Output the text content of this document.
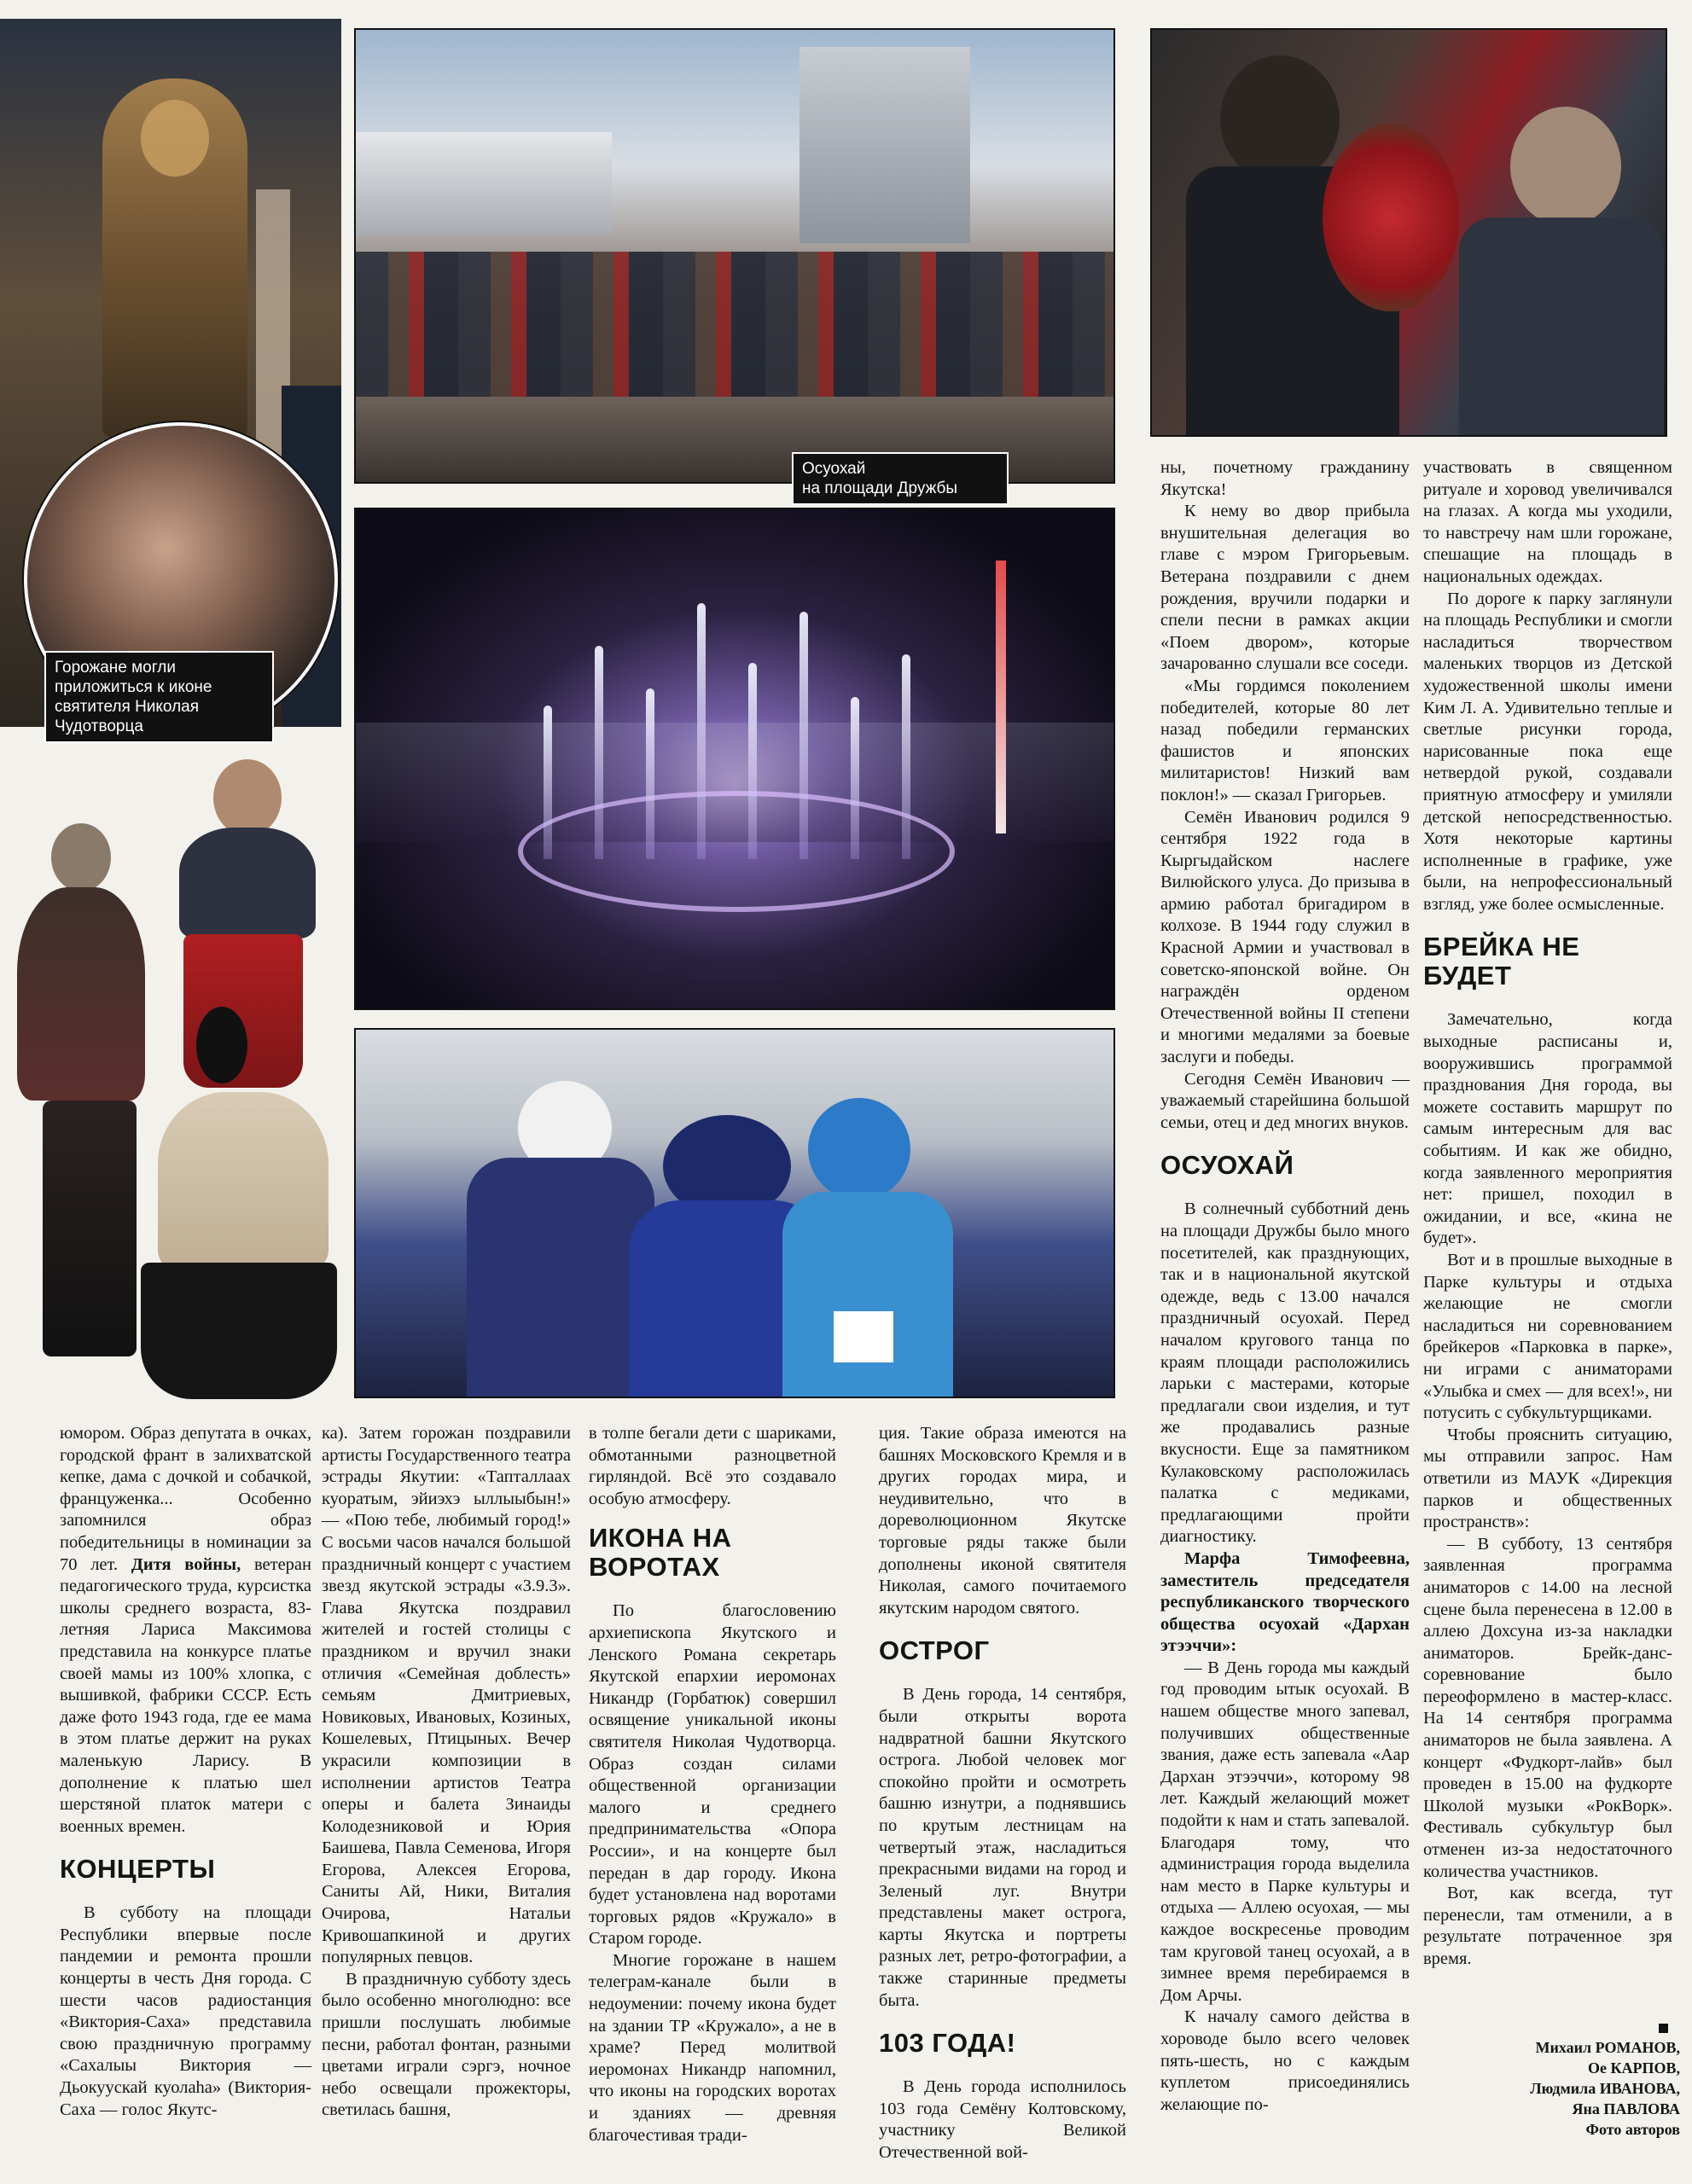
Горожане могли
приложиться к иконе
святителя Николая
Чудотворца
Осуохай
на площади Дружбы

юмором. Образ депутата в очках, городской франт в залихватской кепке, дама с дочкой и собачкой, француженка... Особенно запомнился образ победительницы в номинации за 70 лет. Дитя войны, ветеран педагогического труда, курсистка школы среднего возраста, 83-летняя Лариса Максимова представила на конкурсе платье своей мамы из 100% хлопка, с вышивкой, фабрики СССР. Есть даже фото 1943 года, где ее мама в этом платье держит на руках маленькую Ларису. В дополнение к платью шел шерстяной платок матери с военных времен.

КОНЦЕРТЫ

В субботу на площади Республики впервые после пандемии и ремонта прошли концерты в честь Дня города. С шести часов радиостанция «Виктория-Саха» представила свою праздничную программу «Сахалыы Виктория — Дьокуускай куолаһа» (Виктория-Саха — голос Якутс-

ка). Затем горожан поздравили артисты Государственного театра эстрады Якутии: «Тапталлаах куоратым, эйиэхэ ыллыыбын!» — «Пою тебе, любимый город!» С восьми часов начался большой праздничный концерт с участием звезд якутской эстрады «3.9.3». Глава Якутска поздравил жителей и гостей столицы с праздником и вручил знаки отличия «Семейная доблесть» семьям Дмитриевых, Новиковых, Ивановых, Козиных, Кошелевых, Птицыных. Вечер украсили композиции в исполнении артистов Театра оперы и балета Зинаиды Колодезниковой и Юрия Баишева, Павла Семенова, Игоря Егорова, Алексея Егорова, Саниты Ай, Ники, Виталия Очирова, Натальи Кривошапкиной и других популярных певцов.

В праздничную субботу здесь было особенно многолюдно: все пришли послушать любимые песни, работал фонтан, разными цветами играли сэргэ, ночное небо освещали прожекторы, светилась башня,

в толпе бегали дети с шариками, обмотанными разноцветной гирляндой. Всё это создавало особую атмосферу.

ИКОНА НА ВОРОТАХ

По благословению архиепископа Якутского и Ленского Романа секретарь Якутской епархии иеромонах Никандр (Горбатюк) совершил освящение уникальной иконы святителя Николая Чудотворца. Образ создан силами общественной организации малого и среднего предпринимательства «Опора России», и на концерте был передан в дар городу. Икона будет установлена над воротами торговых рядов «Кружало» в Старом городе.

Многие горожане в нашем телеграм-канале были в недоумении: почему икона будет на здании ТР «Кружало», а не в храме? Перед молитвой иеромонах Никандр напомнил, что иконы на городских воротах и зданиях — древняя благочестивая тради-

ция. Такие образа имеются на башнях Московского Кремля и в других городах мира, и неудивительно, что в дореволюционном Якутске торговые ряды также были дополнены иконой святителя Николая, самого почитаемого якутским народом святого.

ОСТРОГ

В День города, 14 сентября, были открыты ворота надвратной башни Якутского острога. Любой человек мог спокойно пройти и осмотреть башню изнутри, а поднявшись по крутым лестницам на четвертый этаж, насладиться прекрасными видами на город и Зеленый луг. Внутри представлены макет острога, карты Якутска и портреты разных лет, ретро-фотографии, а также старинные предметы быта.

103 ГОДА!

В День города исполнилось 103 года Семёну Колтовскому, участнику Великой Отечественной вой-

ны, почетному гражданину Якутска!

К нему во двор прибыла внушительная делегация во главе с мэром Григорьевым. Ветерана поздравили с днем рождения, вручили подарки и спели песни в рамках акции «Поем двором», которые зачарованно слушали все соседи.

«Мы гордимся поколением победителей, которые 80 лет назад победили германских фашистов и японских милитаристов! Низкий вам поклон!» — сказал Григорьев.

Семён Иванович родился 9 сентября 1922 года в Кыргыдайском наслеге Вилюйского улуса. До призыва в армию работал бригадиром в колхозе. В 1944 году служил в Красной Армии и участвовал в советско-японской войне. Он награждён орденом Отечественной войны II степени и многими медалями за боевые заслуги и победы.

Сегодня Семён Иванович — уважаемый старейшина большой семьи, отец и дед многих внуков.

ОСУОХАЙ

В солнечный субботний день на площади Дружбы было много посетителей, как празднующих, так и в национальной якутской одежде, ведь с 13.00 начался праздничный осуохай. Перед началом кругового танца по краям площади расположились ларьки с мастерами, которые предлагали свои изделия, и тут же продавались разные вкусности. Еще за памятником Кулаковскому расположилась палатка с медиками, предлагающими пройти диагностику.

Марфа Тимофеевна, заместитель председателя республиканского творческого общества осуохай «Дархан этээччи»:

— В День города мы каждый год проводим ытык осуохай. В нашем обществе много запевал, получивших общественные звания, даже есть запевала «Аар Дархан этээччи», которому 98 лет. Каждый желающий может подойти к нам и стать запевалой. Благодаря тому, что администрация города выделила нам место в Парке культуры и отдыха — Аллею осуохая, — мы каждое воскресенье проводим там круговой танец осуохай, а в зимнее время перебираемся в Дом Арчы.

К началу самого действа в хороводе было всего человек пять-шесть, но с каждым куплетом присоединялись желающие по-

участвовать в священном ритуале и хоровод увеличивался на глазах. А когда мы уходили, то навстречу нам шли горожане, спешащие на площадь в национальных одеждах.

По дороге к парку заглянули на площадь Республики и смогли насладиться творчеством маленьких творцов из Детской художественной школы имени Ким Л. А. Удивительно теплые и светлые рисунки города, нарисованные пока еще нетвердой рукой, создавали приятную атмосферу и умиляли детской непосредственностью. Хотя некоторые картины исполненные в графике, уже были, на непрофессиональный взгляд, уже более осмысленные.

БРЕЙКА НЕ БУДЕТ

Замечательно, когда выходные расписаны и, вооружившись программой празднования Дня города, вы можете составить маршрут по самым интересным для вас событиям. И как же обидно, когда заявленного мероприятия нет: пришел, походил в ожидании, и все, «кина не будет».

Вот и в прошлые выходные в Парке культуры и отдыха желающие не смогли насладиться ни соревнованием брейкеров «Парковка в парке», ни играми с аниматорами «Улыбка и смех — для всех!», ни потусить с субкультурщиками.

Чтобы прояснить ситуацию, мы отправили запрос. Нам ответили из МАУК «Дирекция парков и общественных пространств»:

— В субботу, 13 сентября заявленная программа аниматоров с 14.00 на лесной сцене была перенесена в 12.00 в аллею Дохсуна из-за накладки аниматоров. Брейк-данс-соревнование было переоформлено в мастер-класс. На 14 сентября программа аниматоров не была заявлена. А концерт «Фудкорт-лайв» был проведен в 15.00 на фудкорте Школой музыки «РокВорк». Фестиваль субкультур был отменен из-за недостаточного количества участников.

Вот, как всегда, тут перенесли, там отменили, а в результате потраченное зря время.

Михаил РОМАНОВ,
Ое КАРПОВ,
Людмила ИВАНОВА,
Яна ПАВЛОВА
Фото авторов
